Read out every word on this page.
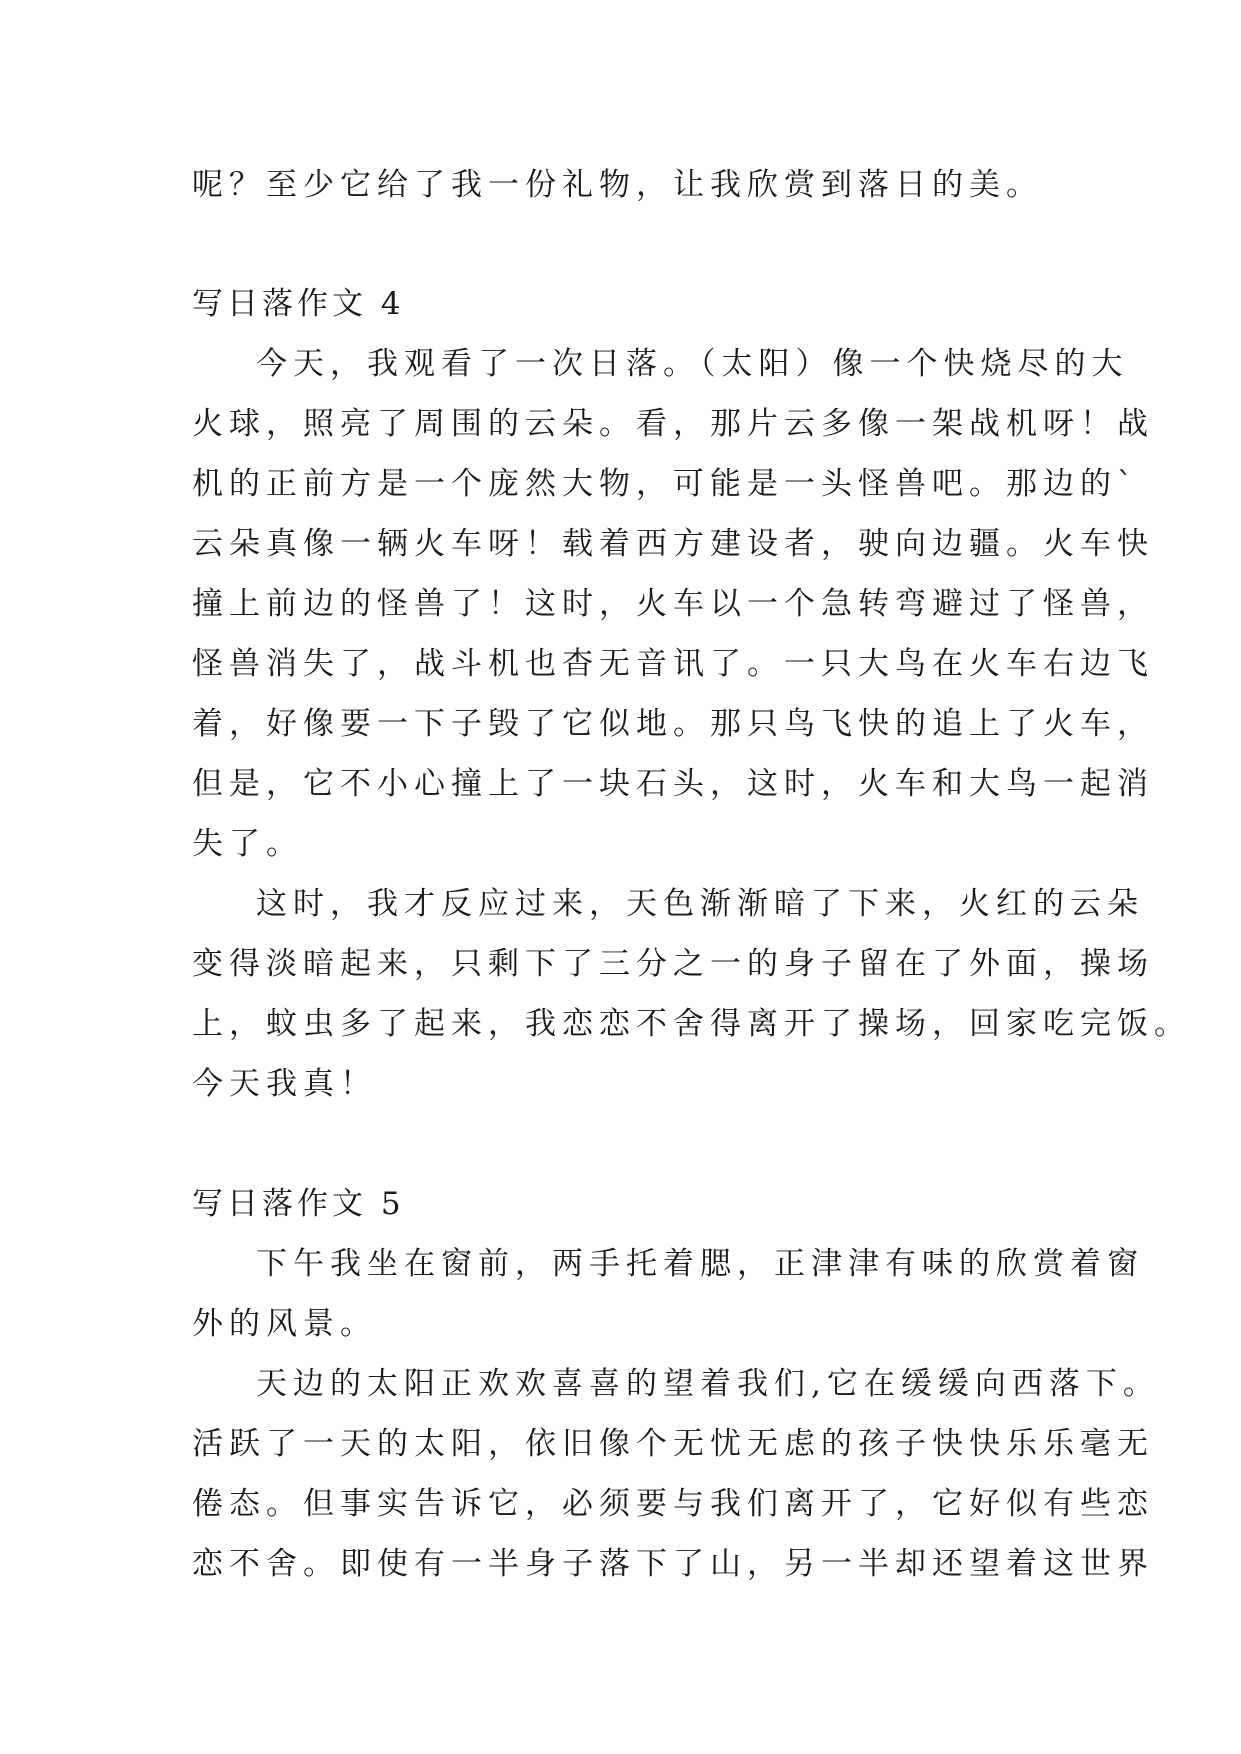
呢？至少它给了我一份礼物，让我欣赏到落日的美。
写日落作文 4
今天，我观看了一次日落。（太阳）像一个快烧尽的大
火球，照亮了周围的云朵。看，那片云多像一架战机呀！战
机的正前方是一个庞然大物，可能是一头怪兽吧。那边的`
云朵真像一辆火车呀！载着西方建设者，驶向边疆。火车快
撞上前边的怪兽了！这时，火车以一个急转弯避过了怪兽，
怪兽消失了，战斗机也杳无音讯了。一只大鸟在火车右边飞
着，好像要一下子毁了它似地。那只鸟飞快的追上了火车，
但是，它不小心撞上了一块石头，这时，火车和大鸟一起消
失了。
这时，我才反应过来，天色渐渐暗了下来，火红的云朵
变得淡暗起来，只剩下了三分之一的身子留在了外面，操场
上，蚊虫多了起来，我恋恋不舍得离开了操场，回家吃完饭。
今天我真！
写日落作文 5
下午我坐在窗前，两手托着腮，正津津有味的欣赏着窗
外的风景。
天边的太阳正欢欢喜喜的望着我们,它在缓缓向西落下。
活跃了一天的太阳，依旧像个无忧无虑的孩子快快乐乐毫无
倦态。但事实告诉它，必须要与我们离开了，它好似有些恋
恋不舍。即使有一半身子落下了山，另一半却还望着这世界
